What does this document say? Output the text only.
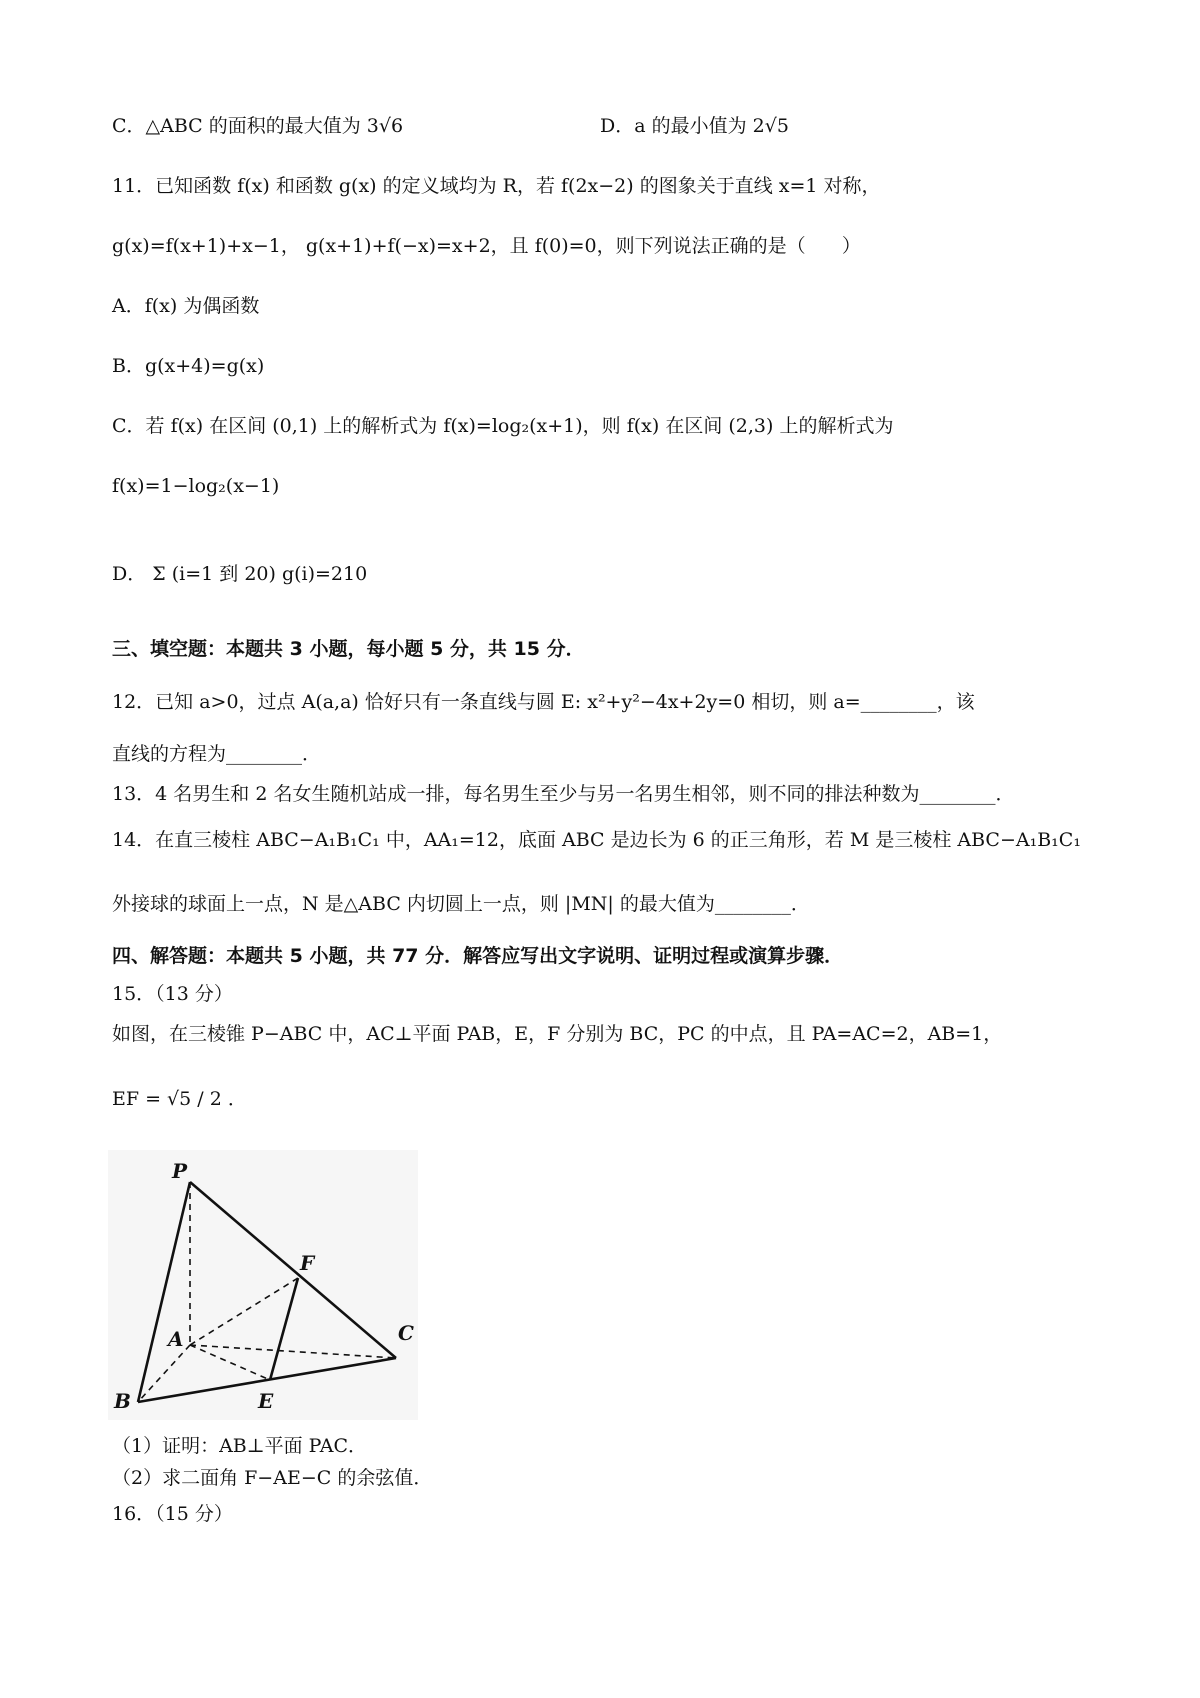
C．△ABC 的面积的最大值为 3√6	D．a 的最小值为 2√5
11．已知函数 f(x) 和函数 g(x) 的定义域均为 R，若 f(2x−2) 的图象关于直线 x=1 对称，
g(x)=f(x+1)+x−1， g(x+1)+f(−x)=x+2，且 f(0)=0，则下列说法正确的是（      ）
A．f(x) 为偶函数
B．g(x+4)=g(x)
C．若 f(x) 在区间 (0,1) 上的解析式为 f(x)=log₂(x+1)，则 f(x) 在区间 (2,3) 上的解析式为
f(x)=1−log₂(x−1)
D． Σ (i=1 到 20) g(i)=210
三、填空题：本题共 3 小题，每小题 5 分，共 15 分．
12．已知 a>0，过点 A(a,a) 恰好只有一条直线与圆 E: x²+y²−4x+2y=0 相切，则 a=________，该
直线的方程为________．
13．4 名男生和 2 名女生随机站成一排，每名男生至少与另一名男生相邻，则不同的排法种数为________．
14．在直三棱柱 ABC−A₁B₁C₁ 中，AA₁=12，底面 ABC 是边长为 6 的正三角形，若 M 是三棱柱 ABC−A₁B₁C₁
外接球的球面上一点，N 是△ABC 内切圆上一点，则 |MN| 的最大值为________．
四、解答题：本题共 5 小题，共 77 分．解答应写出文字说明、证明过程或演算步骤．
15．（13 分）
如图，在三棱锥 P−ABC 中，AC⊥平面 PAB，E，F 分别为 BC，PC 的中点，且 PA=AC=2，AB=1，
EF = √5 / 2 ．
P
F
A	C
B	E
（1）证明：AB⊥平面 PAC．
（2）求二面角 F−AE−C 的余弦值．
16．（15 分）
